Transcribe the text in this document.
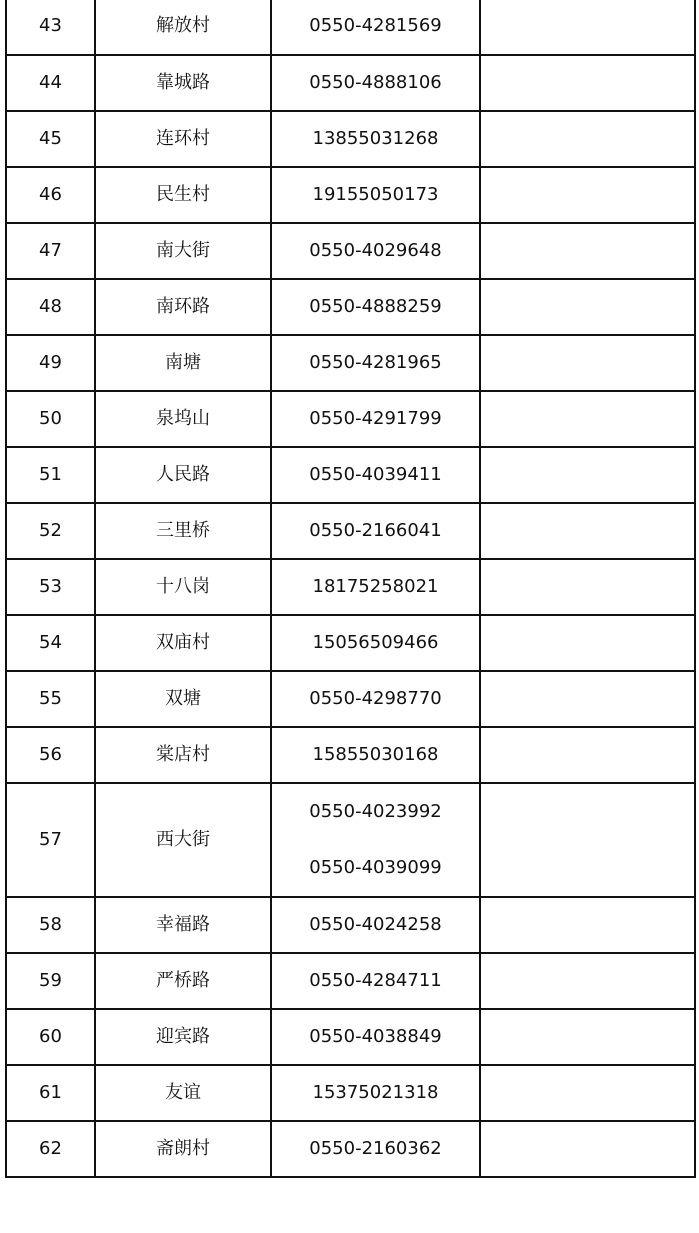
43	解放村	0550-4281569	

44	靠城路	0550-4888106	

45	连环村	13855031268	

46	民生村	19155050173	

47	南大街	0550-4029648	

48	南环路	0550-4888259	

49	南塘	0550-4281965	

50	泉坞山	0550-4291799	

51	人民路	0550-4039411	

52	三里桥	0550-2166041	

53	十八岗	18175258021	

54	双庙村	15056509466	

55	双塘	0550-4298770	

56	棠店村	15855030168	

57	西大街	0550-4023992
0550-4039099	

58	幸福路	0550-4024258	

59	严桥路	0550-4284711	

60	迎宾路	0550-4038849	

61	友谊	15375021318	

62	斋朗村	0550-2160362	
